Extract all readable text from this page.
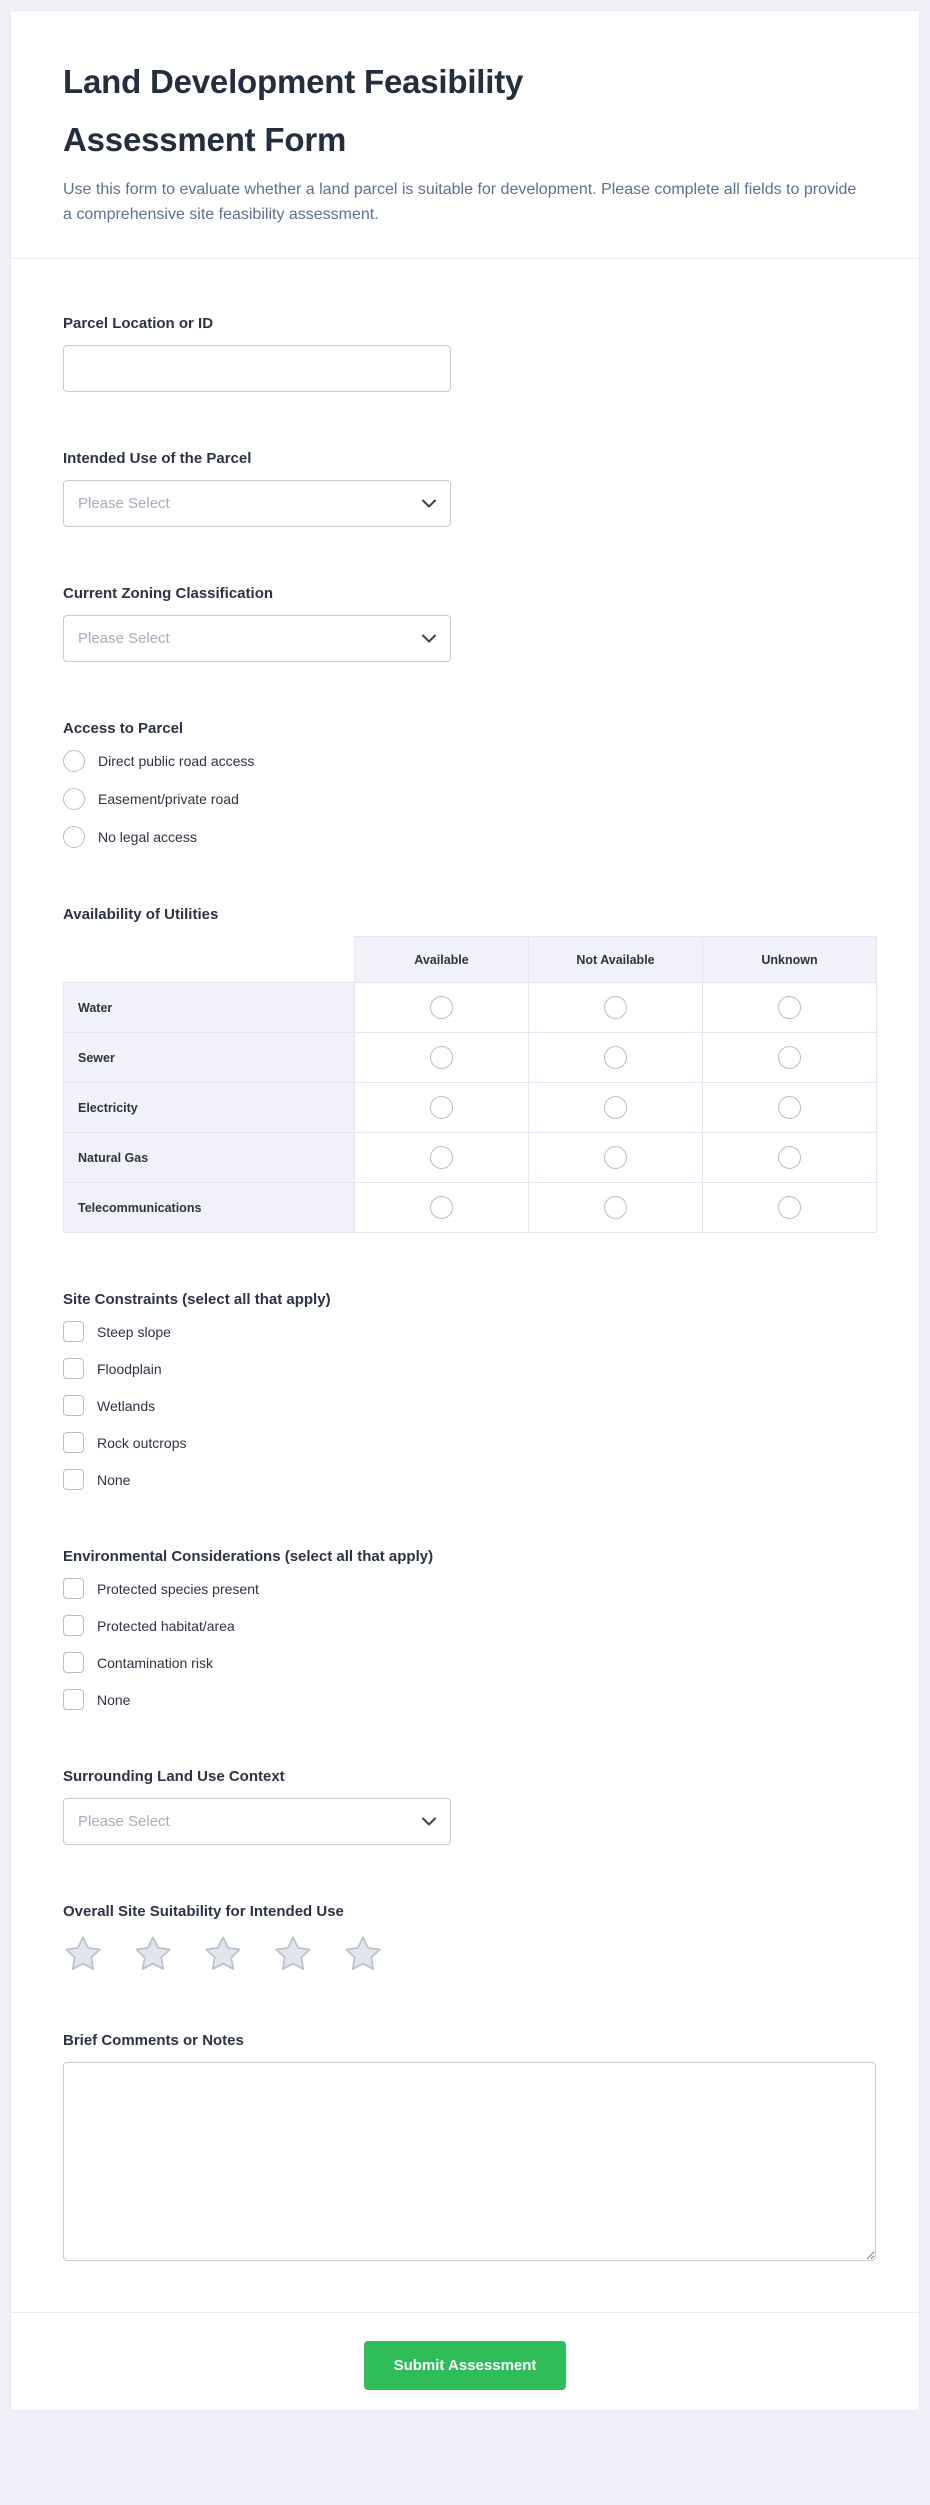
Land Development Feasibility
Assessment Form

Use this form to evaluate whether a land parcel is suitable for development. Please complete all fields to provide a comprehensive site feasibility assessment.

Parcel Location or ID
Intended Use of the Parcel
Please Select
Current Zoning Classification
Please Select
Access to Parcel
Direct public road access
Easement/private road
No legal access
Availability of Utilities
	Available	Not Available	Unknown
Water			
Sewer			
Electricity			
Natural Gas			
Telecommunications			
Site Constraints (select all that apply)
Steep slope
Floodplain
Wetlands
Rock outcrops
None
Environmental Considerations (select all that apply)
Protected species present
Protected habitat/area
Contamination risk
None
Surrounding Land Use Context
Please Select
Overall Site Suitability for Intended Use
Brief Comments or Notes
Submit Assessment
